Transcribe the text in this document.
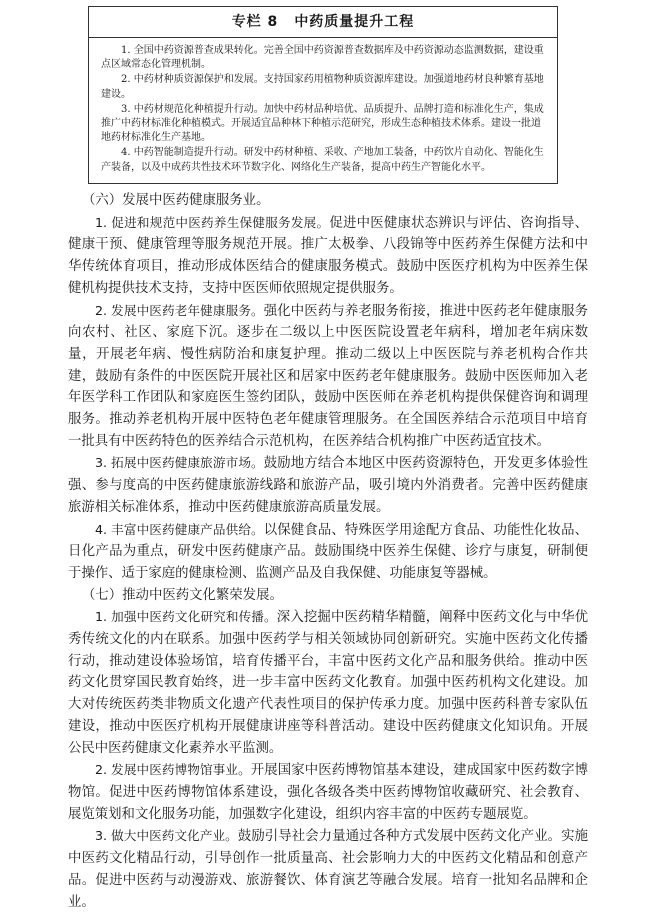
专栏 8 中药质量提升工程

1. 全国中药资源普查成果转化。完善全国中药资源普查数据库及中药资源动态监测数据，建设重点区域常态化管理机制。

2. 中药材种质资源保护和发展。支持国家药用植物种质资源库建设。加强道地药材良种繁育基地建设。

3. 中药材规范化种植提升行动。加快中药材品种培优、品质提升、品牌打造和标准化生产，集成推广中药材标准化种植模式。开展适宜品种林下种植示范研究，形成生态种植技术体系。建设一批道地药材标准化生产基地。

4. 中药智能制造提升行动。研发中药材种植、采收、产地加工装备，中药饮片自动化、智能化生产装备，以及中成药共性技术环节数字化、网络化生产装备，提高中药生产智能化水平。

（六）发展中医药健康服务业。

1. 促进和规范中医药养生保健服务发展。促进中医健康状态辨识与评估、咨询指导、健康干预、健康管理等服务规范开展。推广太极拳、八段锦等中医药养生保健方法和中华传统体育项目，推动形成体医结合的健康服务模式。鼓励中医医疗机构为中医养生保健机构提供技术支持，支持中医医师依照规定提供服务。

2. 发展中医药老年健康服务。强化中医药与养老服务衔接，推进中医药老年健康服务向农村、社区、家庭下沉。逐步在二级以上中医医院设置老年病科，增加老年病床数量，开展老年病、慢性病防治和康复护理。推动二级以上中医医院与养老机构合作共建，鼓励有条件的中医医院开展社区和居家中医药老年健康服务。鼓励中医医师加入老年医学科工作团队和家庭医生签约团队，鼓励中医医师在养老机构提供保健咨询和调理服务。推动养老机构开展中医特色老年健康管理服务。在全国医养结合示范项目中培育一批具有中医药特色的医养结合示范机构，在医养结合机构推广中医药适宜技术。

3. 拓展中医药健康旅游市场。鼓励地方结合本地区中医药资源特色，开发更多体验性强、参与度高的中医药健康旅游线路和旅游产品，吸引境内外消费者。完善中医药健康旅游相关标准体系，推动中医药健康旅游高质量发展。

4. 丰富中医药健康产品供给。以保健食品、特殊医学用途配方食品、功能性化妆品、日化产品为重点，研发中医药健康产品。鼓励围绕中医养生保健、诊疗与康复，研制便于操作、适于家庭的健康检测、监测产品及自我保健、功能康复等器械。

（七）推动中医药文化繁荣发展。

1. 加强中医药文化研究和传播。深入挖掘中医药精华精髓，阐释中医药文化与中华优秀传统文化的内在联系。加强中医药学与相关领域协同创新研究。实施中医药文化传播行动，推动建设体验场馆，培育传播平台，丰富中医药文化产品和服务供给。推动中医药文化贯穿国民教育始终，进一步丰富中医药文化教育。加强中医药机构文化建设。加大对传统医药类非物质文化遗产代表性项目的保护传承力度。加强中医药科普专家队伍建设，推动中医医疗机构开展健康讲座等科普活动。建设中医药健康文化知识角。开展公民中医药健康文化素养水平监测。

2. 发展中医药博物馆事业。开展国家中医药博物馆基本建设，建成国家中医药数字博物馆。促进中医药博物馆体系建设，强化各级各类中医药博物馆收藏研究、社会教育、展览策划和文化服务功能，加强数字化建设，组织内容丰富的中医药专题展览。

3. 做大中医药文化产业。鼓励引导社会力量通过各种方式发展中医药文化产业。实施中医药文化精品行动，引导创作一批质量高、社会影响力大的中医药文化精品和创意产品。促进中医药与动漫游戏、旅游餐饮、体育演艺等融合发展。培育一批知名品牌和企业。
